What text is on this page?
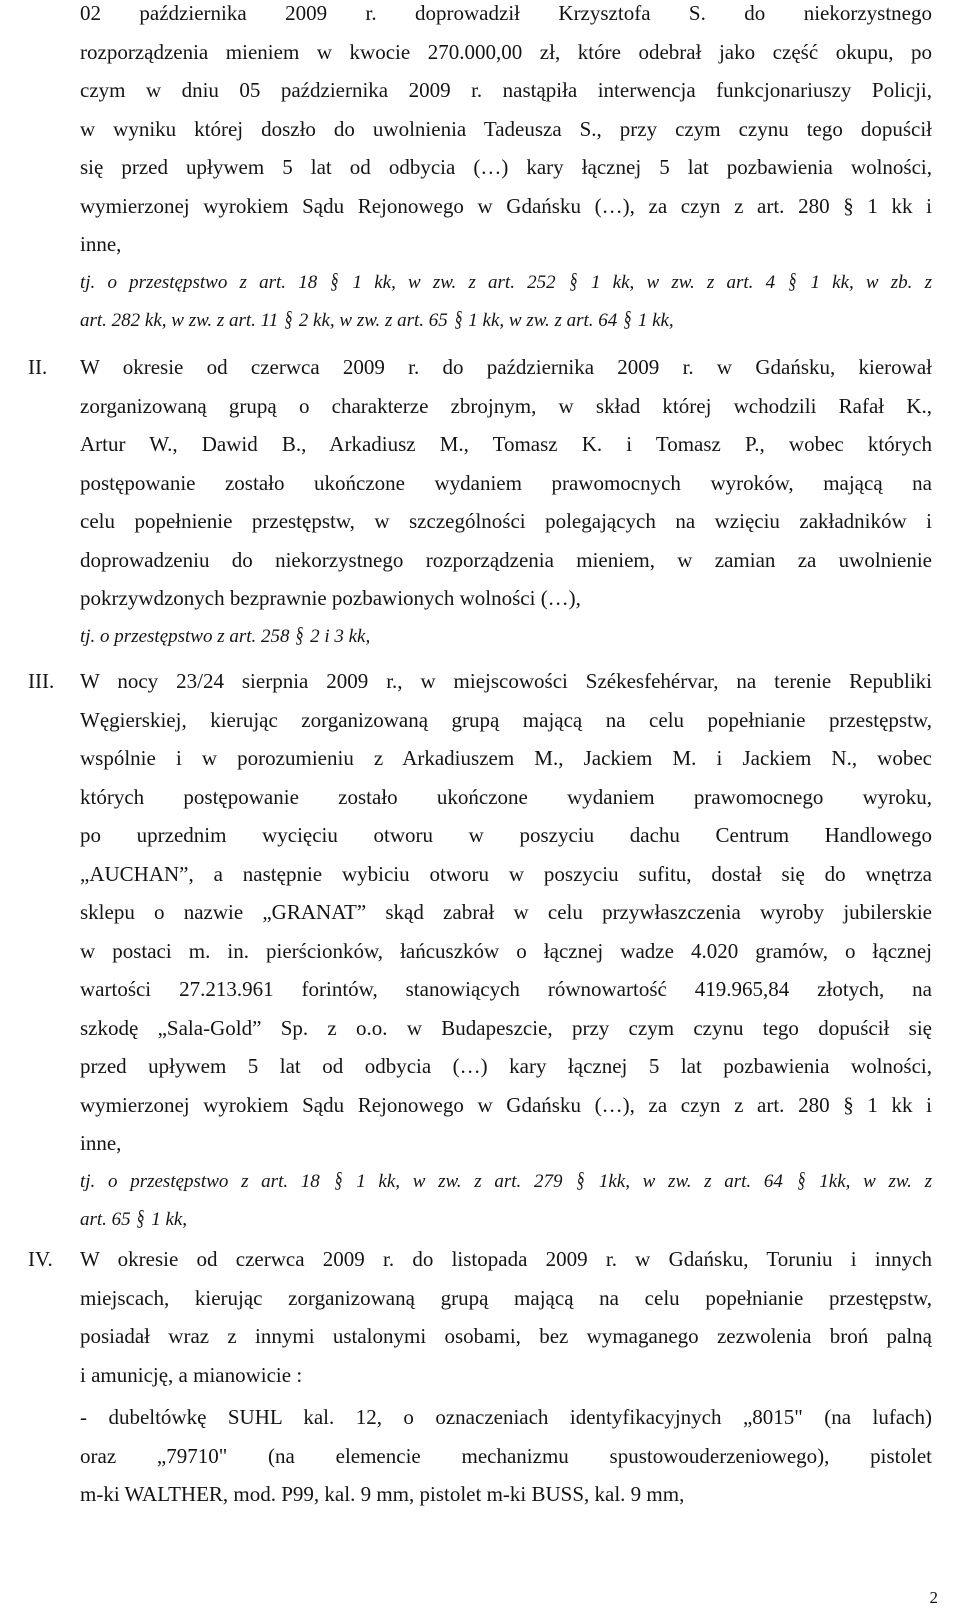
02 października 2009 r. doprowadził Krzysztofa S. do niekorzystnego
rozporządzenia mieniem w kwocie 270.000,00 zł, które odebrał jako część okupu, po
czym w dniu 05 października 2009 r. nastąpiła interwencja funkcjonariuszy Policji,
w wyniku której doszło do uwolnienia Tadeusza S., przy czym czynu tego dopuścił
się przed upływem 5 lat od odbycia (…) kary łącznej 5 lat pozbawienia wolności,
wymierzonej wyrokiem Sądu Rejonowego w Gdańsku (…), za czyn z art. 280 § 1 kk i
inne,
tj. o przestępstwo z art. 18 § 1 kk, w zw. z art. 252 § 1 kk, w zw. z art. 4 § 1 kk, w zb. z
art. 282 kk, w zw. z art. 11 § 2 kk, w zw. z art. 65 § 1 kk, w zw. z art. 64 § 1 kk,
II. W okresie od czerwca 2009 r. do października 2009 r. w Gdańsku, kierował
zorganizowaną grupą o charakterze zbrojnym, w skład której wchodzili Rafał K.,
Artur W., Dawid B., Arkadiusz M., Tomasz K. i Tomasz P., wobec których
postępowanie zostało ukończone wydaniem prawomocnych wyroków, mającą na
celu popełnienie przestępstw, w szczególności polegających na wzięciu zakładników i
doprowadzeniu do niekorzystnego rozporządzenia mieniem, w zamian za uwolnienie
pokrzywdzonych bezprawnie pozbawionych wolności (…),
tj. o przestępstwo z art. 258 § 2 i 3 kk,
III. W nocy 23/24 sierpnia 2009 r., w miejscowości Székesfehérvar, na terenie Republiki
Węgierskiej, kierując zorganizowaną grupą mającą na celu popełnianie przestępstw,
wspólnie i w porozumieniu z Arkadiuszem M., Jackiem M. i Jackiem N., wobec
których postępowanie zostało ukończone wydaniem prawomocnego wyroku,
po uprzednim wycięciu otworu w poszyciu dachu Centrum Handlowego
„AUCHAN”, a następnie wybiciu otworu w poszyciu sufitu, dostał się do wnętrza
sklepu o nazwie „GRANAT” skąd zabrał w celu przywłaszczenia wyroby jubilerskie
w postaci m. in. pierścionków, łańcuszków o łącznej wadze 4.020 gramów, o łącznej
wartości 27.213.961 forintów, stanowiących równowartość 419.965,84 złotych, na
szkodę „Sala-Gold” Sp. z o.o. w Budapeszcie, przy czym czynu tego dopuścił się
przed upływem 5 lat od odbycia (…) kary łącznej 5 lat pozbawienia wolności,
wymierzonej wyrokiem Sądu Rejonowego w Gdańsku (…), za czyn z art. 280 § 1 kk i
inne,
tj. o przestępstwo z art. 18 § 1 kk, w zw. z art. 279 § 1kk, w zw. z art. 64 § 1kk, w zw. z
art. 65 § 1 kk,
IV. W okresie od czerwca 2009 r. do listopada 2009 r. w Gdańsku, Toruniu i innych
miejscach, kierując zorganizowaną grupą mającą na celu popełnianie przestępstw,
posiadał wraz z innymi ustalonymi osobami, bez wymaganego zezwolenia broń palną
i amunicję, a mianowicie :
- dubeltówkę SUHL kal. 12, o oznaczeniach identyfikacyjnych „8015" (na lufach)
oraz „79710" (na elemencie mechanizmu spustowouderzeniowego), pistolet
m-ki WALTHER, mod. P99, kal. 9 mm, pistolet m-ki BUSS, kal. 9 mm,
2
